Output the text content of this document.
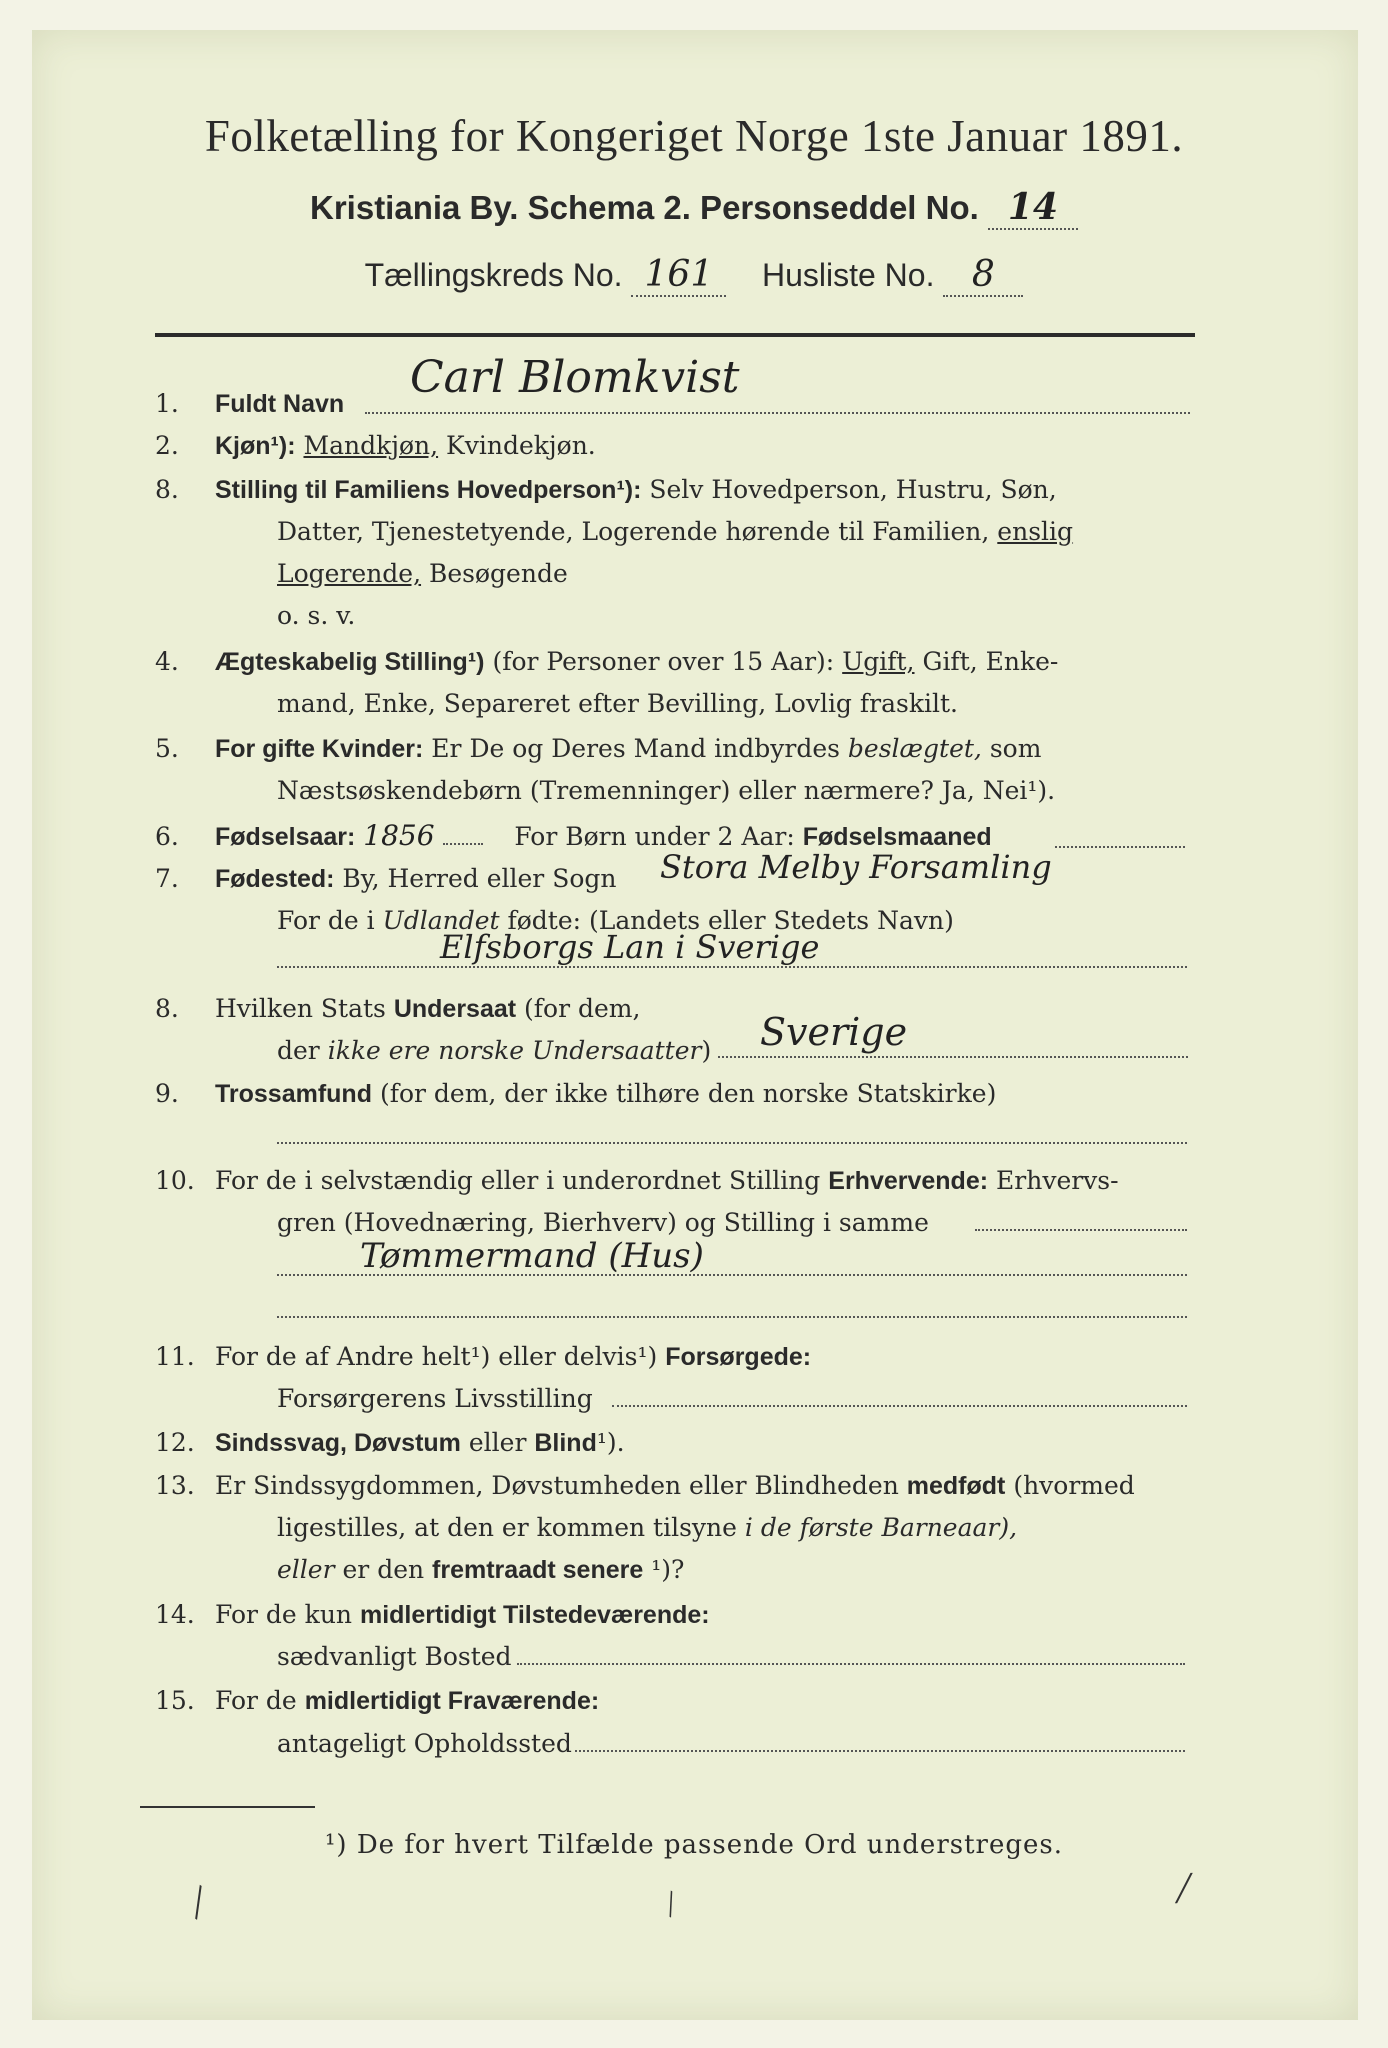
Folketælling for Kongeriget Norge 1ste Januar 1891.
Kristiania By. Schema 2. Personseddel No. 14
Tællingskreds No. 161 Husliste No. 8
1. Fuldt Navn
Carl Blomkvist
2. Kjøn¹): Mandkjøn, Kvindekjøn.
8. Stilling til Familiens Hovedperson¹): Selv Hovedperson, Hustru, Søn,
Datter, Tjenestetyende, Logerende hørende til Familien, enslig
Logerende, Besøgende
o. s. v.
4. Ægteskabelig Stilling¹) (for Personer over 15 Aar): Ugift, Gift, Enke-
mand, Enke, Separeret efter Bevilling, Lovlig fraskilt.
5. For gifte Kvinder: Er De og Deres Mand indbyrdes beslægtet, som
Næstsøskendebørn (Tremenninger) eller nærmere? Ja, Nei¹).
6. Fødselsaar: 1856	For Børn under 2 Aar: Fødselsmaaned
7. Fødested: By, Herred eller Sogn	Stora Melby Forsamling
For de i Udlandet fødte: (Landets eller Stedets Navn)
Elfsborgs Lan i Sverige
8. Hvilken Stats Undersaat (for dem,
der ikke ere norske Undersaatter)	Sverige
9. Trossamfund (for dem, der ikke tilhøre den norske Statskirke)
10. For de i selvstændig eller i underordnet Stilling Erhvervende: Erhvervs-
gren (Hovednæring, Bierhverv) og Stilling i samme
Tømmermand (Hus)
11. For de af Andre helt¹) eller delvis¹) Forsørgede:
Forsørgerens Livsstilling
12. Sindssvag, Døvstum eller Blind¹).
13. Er Sindssygdommen, Døvstumheden eller Blindheden medfødt (hvormed
ligestilles, at den er kommen tilsyne i de første Barneaar),
eller er den fremtraadt senere ¹)?
14. For de kun midlertidigt Tilstedeværende:
sædvanligt Bosted
15. For de midlertidigt Fraværende:
antageligt Opholdssted
¹) De for hvert Tilfælde passende Ord understreges.
╲	╲	╱
